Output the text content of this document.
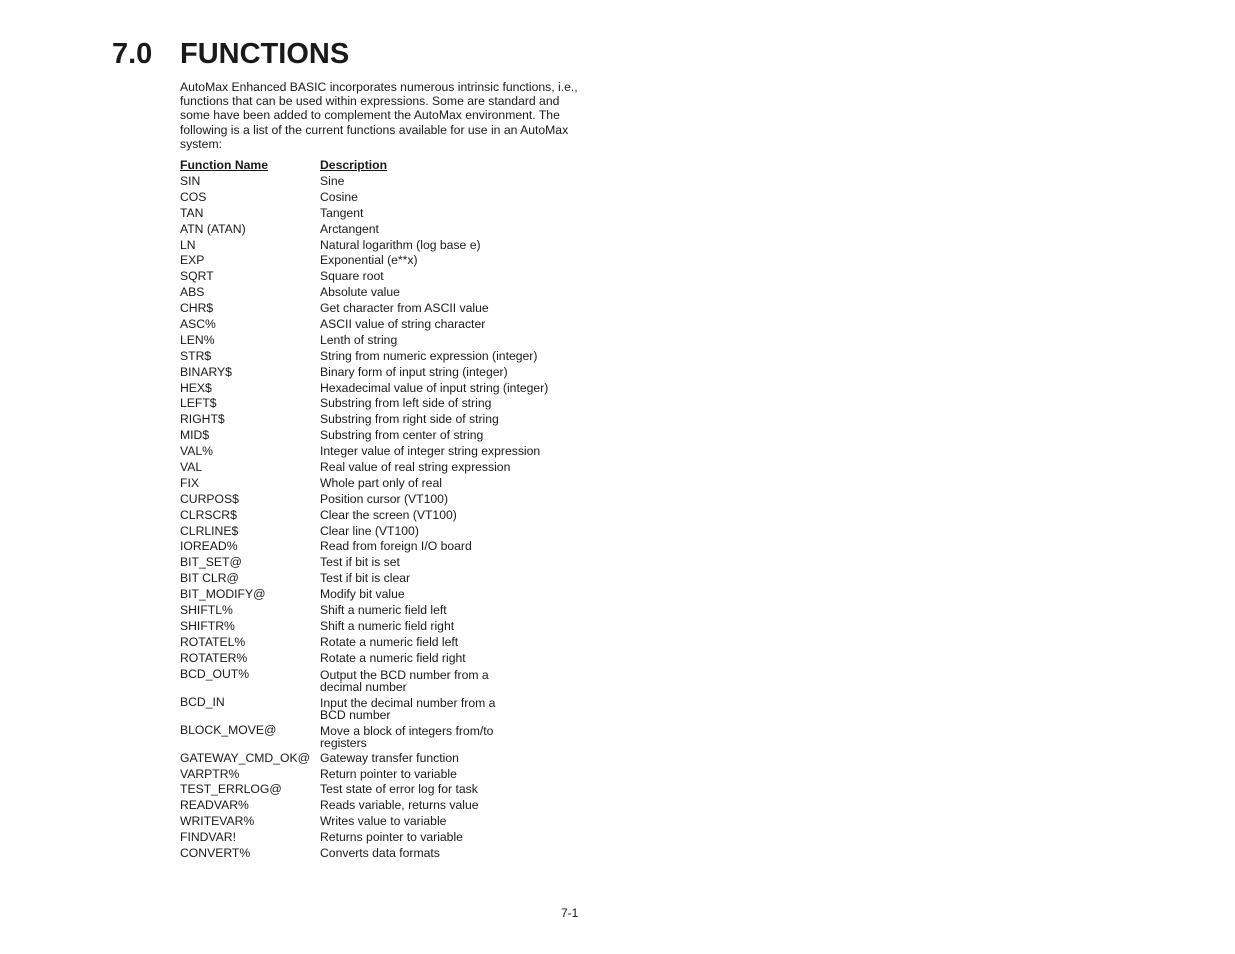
7.0 FUNCTIONS

AutoMax Enhanced BASIC incorporates numerous intrinsic functions, i.e., functions that can be used within expressions. Some are standard and some have been added to complement the AutoMax environment. The following is a list of the current functions available for use in an AutoMax system:

Function Name	Description
SIN	Sine
COS	Cosine
TAN	Tangent
ATN (ATAN)	Arctangent
LN	Natural logarithm (log base e)
EXP	Exponential (e**x)
SQRT	Square root
ABS	Absolute value
CHR$	Get character from ASCII value
ASC%	ASCII value of string character
LEN%	Lenth of string
STR$	String from numeric expression (integer)
BINARY$	Binary form of input string (integer)
HEX$	Hexadecimal value of input string (integer)
LEFT$	Substring from left side of string
RIGHT$	Substring from right side of string
MID$	Substring from center of string
VAL%	Integer value of integer string expression
VAL	Real value of real string expression
FIX	Whole part only of real
CURPOS$	Position cursor (VT100)
CLRSCR$	Clear the screen (VT100)
CLRLINE$	Clear line (VT100)
IOREAD%	Read from foreign I/O board
BIT_SET@	Test if bit is set
BIT CLR@	Test if bit is clear
BIT_MODIFY@	Modify bit value
SHIFTL%	Shift a numeric field left
SHIFTR%	Shift a numeric field right
ROTATEL%	Rotate a numeric field left
ROTATER%	Rotate a numeric field right
BCD_OUT%	Output the BCD number from a
decimal number
BCD_IN	Input the decimal number from a
BCD number
BLOCK_MOVE@	Move a block of integers from/to
registers
GATEWAY_CMD_OK@ Gateway transfer function
VARPTR%	Return pointer to variable
TEST_ERRLOG@	Test state of error log for task
READVAR%	Reads variable, returns value
WRITEVAR%	Writes value to variable
FINDVAR!	Returns pointer to variable
CONVERT%	Converts data formats
7-1
